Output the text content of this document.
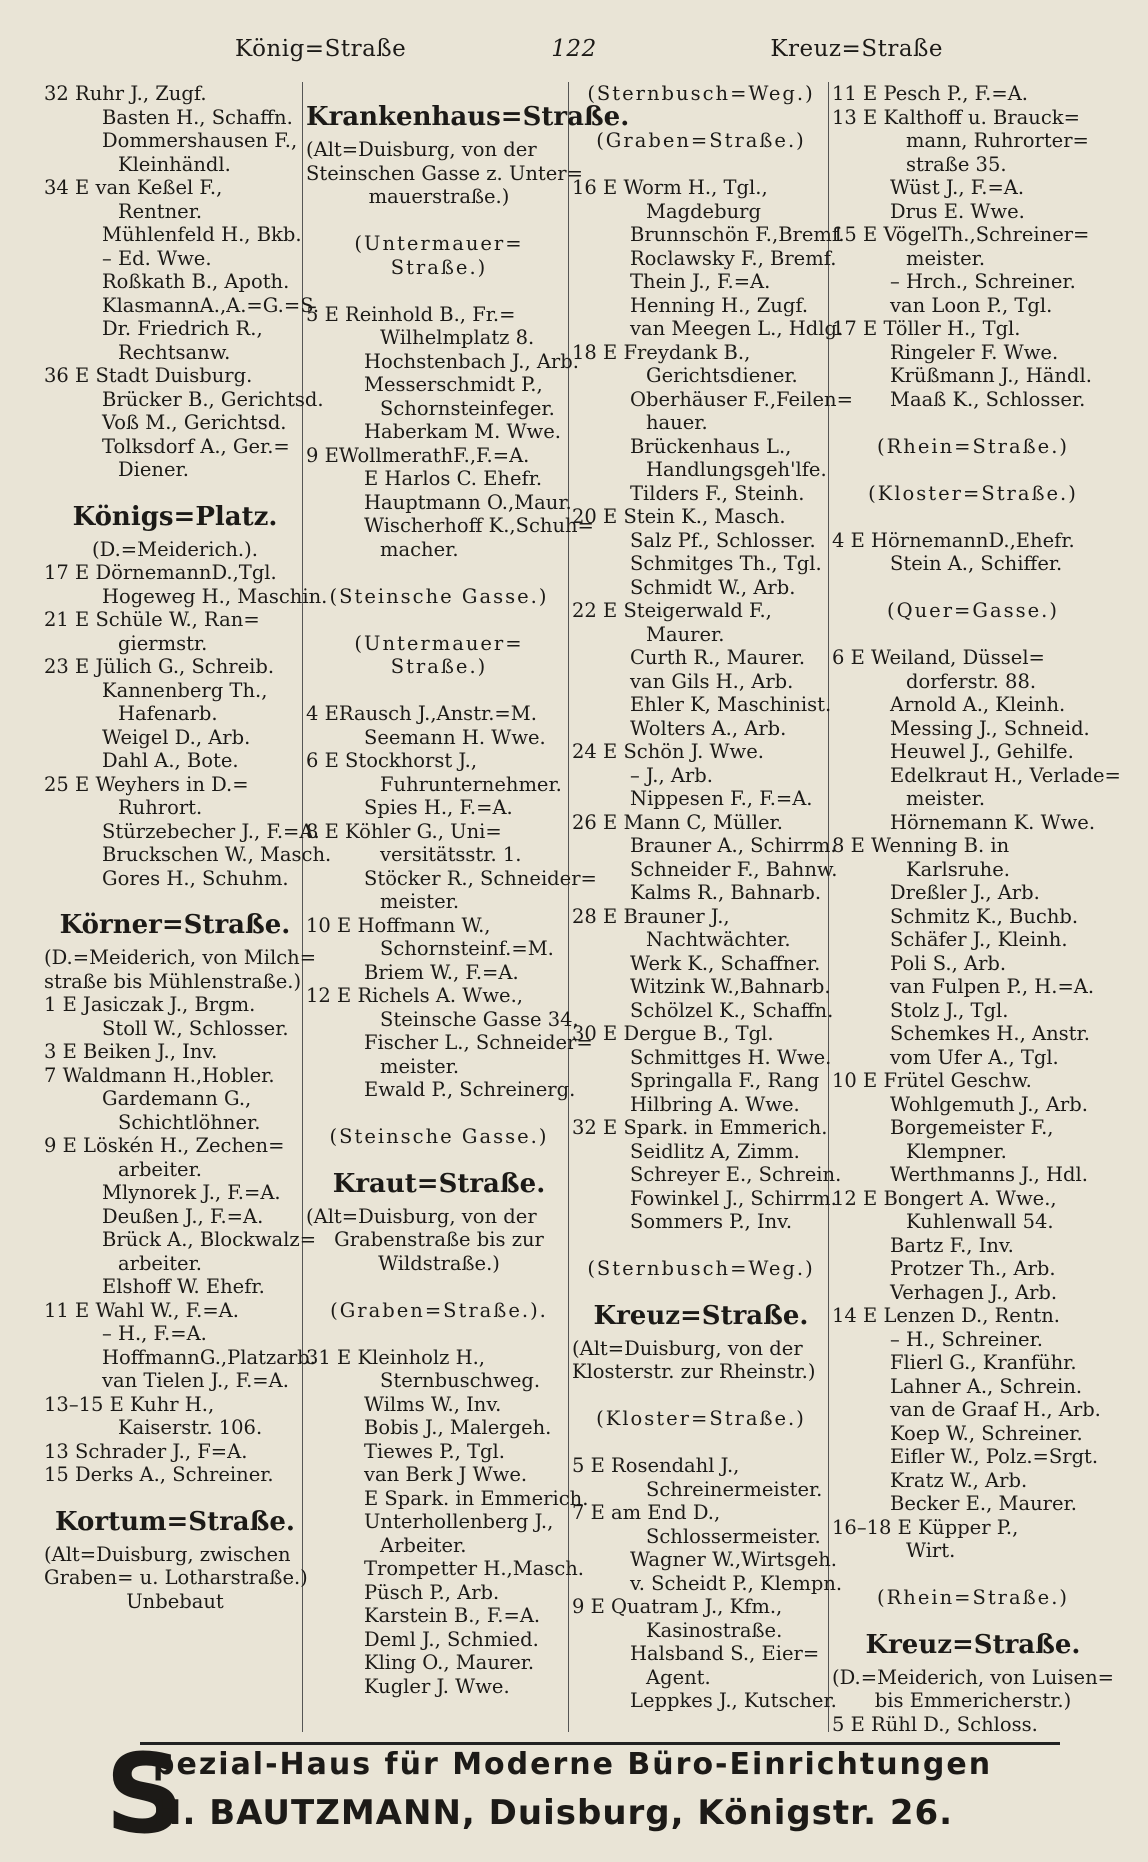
König=Straße	122	Kreuz=Straße
32 Ruhr J., Zugf.
Basten H., Schaffn.
Dommershausen F.,
Kleinhändl.
34 E van Keßel F.,
Rentner.
Mühlenfeld H., Bkb.
– Ed. Wwe.
Roßkath B., Apoth.
KlasmannA.,A.=G.=S.
Dr. Friedrich R.,
Rechtsanw.
36 E Stadt Duisburg.
Brücker B., Gerichtsd.
Voß M., Gerichtsd.
Tolksdorf A., Ger.=
Diener.
Königs=Platz.
(D.=Meiderich.).
17 E DörnemannD.,Tgl.
Hogeweg H., Maschin.
21 E Schüle W., Ran=
giermstr.
23 E Jülich G., Schreib.
Kannenberg Th.,
Hafenarb.
Weigel D., Arb.
Dahl A., Bote.
25 E Weyhers in D.=
Ruhrort.
Stürzebecher J., F.=A.
Bruckschen W., Masch.
Gores H., Schuhm.
Körner=Straße.
(D.=Meiderich, von Milch=
straße bis Mühlenstraße.)
1 E Jasiczak J., Brgm.
Stoll W., Schlosser.
3 E Beiken J., Inv.
7 Waldmann H.,Hobler.
Gardemann G.,
Schichtlöhner.
9 E Löskén H., Zechen=
arbeiter.
Mlynorek J., F.=A.
Deußen J., F.=A.
Brück A., Blockwalz=
arbeiter.
Elshoff W. Ehefr.
11 E Wahl W., F.=A.
– H., F.=A.
HoffmannG.,Platzarb.
van Tielen J., F.=A.
13–15 E Kuhr H.,
Kaiserstr. 106.
13 Schrader J., F=A.
15 Derks A., Schreiner.
Kortum=Straße.
(Alt=Duisburg, zwischen
Graben= u. Lotharstraße.)
Unbebaut
Krankenhaus=Straße.
(Alt=Duisburg, von der
Steinschen Gasse z. Unter=
mauerstraße.)

(Untermauer=
Straße.)

5 E Reinhold B., Fr.=
Wilhelmplatz 8.
Hochstenbach J., Arb.
Messerschmidt P.,
Schornsteinfeger.
Haberkam M. Wwe.
9 EWollmerathF.,F.=A.
E Harlos C. Ehefr.
Hauptmann O.,Maur.
Wischerhoff K.,Schuh=
macher.

(Steinsche Gasse.)

(Untermauer=
Straße.)

4 ERausch J.,Anstr.=M.
Seemann H. Wwe.
6 E Stockhorst J.,
Fuhrunternehmer.
Spies H., F.=A.
8 E Köhler G., Uni=
versitätsstr. 1.
Stöcker R., Schneider=
meister.
10 E Hoffmann W.,
Schornsteinf.=M.
Briem W., F.=A.
12 E Richels A. Wwe.,
Steinsche Gasse 34.
Fischer L., Schneider=
meister.
Ewald P., Schreinerg.

(Steinsche Gasse.)
Kraut=Straße.
(Alt=Duisburg, von der
Grabenstraße bis zur
Wildstraße.)

(Graben=Straße.).

31 E Kleinholz H.,
Sternbuschweg.
Wilms W., Inv.
Bobis J., Malergeh.
Tiewes P., Tgl.
van Berk J Wwe.
E Spark. in Emmerich.
Unterhollenberg J.,
Arbeiter.
Trompetter H.,Masch.
Püsch P., Arb.
Karstein B., F.=A.
Deml J., Schmied.
Kling O., Maurer.
Kugler J. Wwe.
(Sternbusch=Weg.)

(Graben=Straße.)

16 E Worm H., Tgl.,
Magdeburg
Brunnschön F.,Bremf.
Roclawsky F., Bremf.
Thein J., F.=A.
Henning H., Zugf.
van Meegen L., Hdlg.
18 E Freydank B.,
Gerichtsdiener.
Oberhäuser F.,Feilen=
hauer.
Brückenhaus L.,
Handlungsgeh'lfe.
Tilders F., Steinh.
20 E Stein K., Masch.
Salz Pf., Schlosser.
Schmitges Th., Tgl.
Schmidt W., Arb.
22 E Steigerwald F.,
Maurer.
Curth R., Maurer.
van Gils H., Arb.
Ehler K, Maschinist.
Wolters A., Arb.
24 E Schön J. Wwe.
– J., Arb.
Nippesen F., F.=A.
26 E Mann C, Müller.
Brauner A., Schirrm.
Schneider F., Bahnw.
Kalms R., Bahnarb.
28 E Brauner J.,
Nachtwächter.
Werk K., Schaffner.
Witzink W.,Bahnarb.
Schölzel K., Schaffn.
30 E Dergue B., Tgl.
Schmittges H. Wwe.
Springalla F., Rang
Hilbring A. Wwe.
32 E Spark. in Emmerich.
Seidlitz A, Zimm.
Schreyer E., Schrein.
Fowinkel J., Schirrm.
Sommers P., Inv.

(Sternbusch=Weg.)
Kreuz=Straße.
(Alt=Duisburg, von der
Klosterstr. zur Rheinstr.)

(Kloster=Straße.)

5 E Rosendahl J.,
Schreinermeister.
7 E am End D.,
Schlossermeister.
Wagner W.,Wirtsgeh.
v. Scheidt P., Klempn.
9 E Quatram J., Kfm.,
Kasinostraße.
Halsband S., Eier=
Agent.
Leppkes J., Kutscher.
11 E Pesch P., F.=A.
13 E Kalthoff u. Brauck=
mann, Ruhrorter=
straße 35.
Wüst J., F.=A.
Drus E. Wwe.
15 E VögelTh.,Schreiner=
meister.
– Hrch., Schreiner.
van Loon P., Tgl.
17 E Töller H., Tgl.
Ringeler F. Wwe.
Krüßmann J., Händl.
Maaß K., Schlosser.

(Rhein=Straße.)

(Kloster=Straße.)

4 E HörnemannD.,Ehefr.
Stein A., Schiffer.

(Quer=Gasse.)

6 E Weiland, Düssel=
dorferstr. 88.
Arnold A., Kleinh.
Messing J., Schneid.
Heuwel J., Gehilfe.
Edelkraut H., Verlade=
meister.
Hörnemann K. Wwe.
8 E Wenning B. in
Karlsruhe.
Dreßler J., Arb.
Schmitz K., Buchb.
Schäfer J., Kleinh.
Poli S., Arb.
van Fulpen P., H.=A.
Stolz J., Tgl.
Schemkes H., Anstr.
vom Ufer A., Tgl.
10 E Frütel Geschw.
Wohlgemuth J., Arb.
Borgemeister F.,
Klempner.
Werthmanns J., Hdl.
12 E Bongert A. Wwe.,
Kuhlenwall 54.
Bartz F., Inv.
Protzer Th., Arb.
Verhagen J., Arb.
14 E Lenzen D., Rentn.
– H., Schreiner.
Flierl G., Kranführ.
Lahner A., Schrein.
van de Graaf H., Arb.
Koep W., Schreiner.
Eifler W., Polz.=Srgt.
Kratz W., Arb.
Becker E., Maurer.
16–18 E Küpper P.,
Wirt.

(Rhein=Straße.)
Kreuz=Straße.
(D.=Meiderich, von Luisen=
bis Emmericherstr.)
5 E Rühl D., Schloss.
S
pezial-Haus für Moderne Büro-Einrichtungen
H. BAUTZMANN, Duisburg, Königstr. 26.
